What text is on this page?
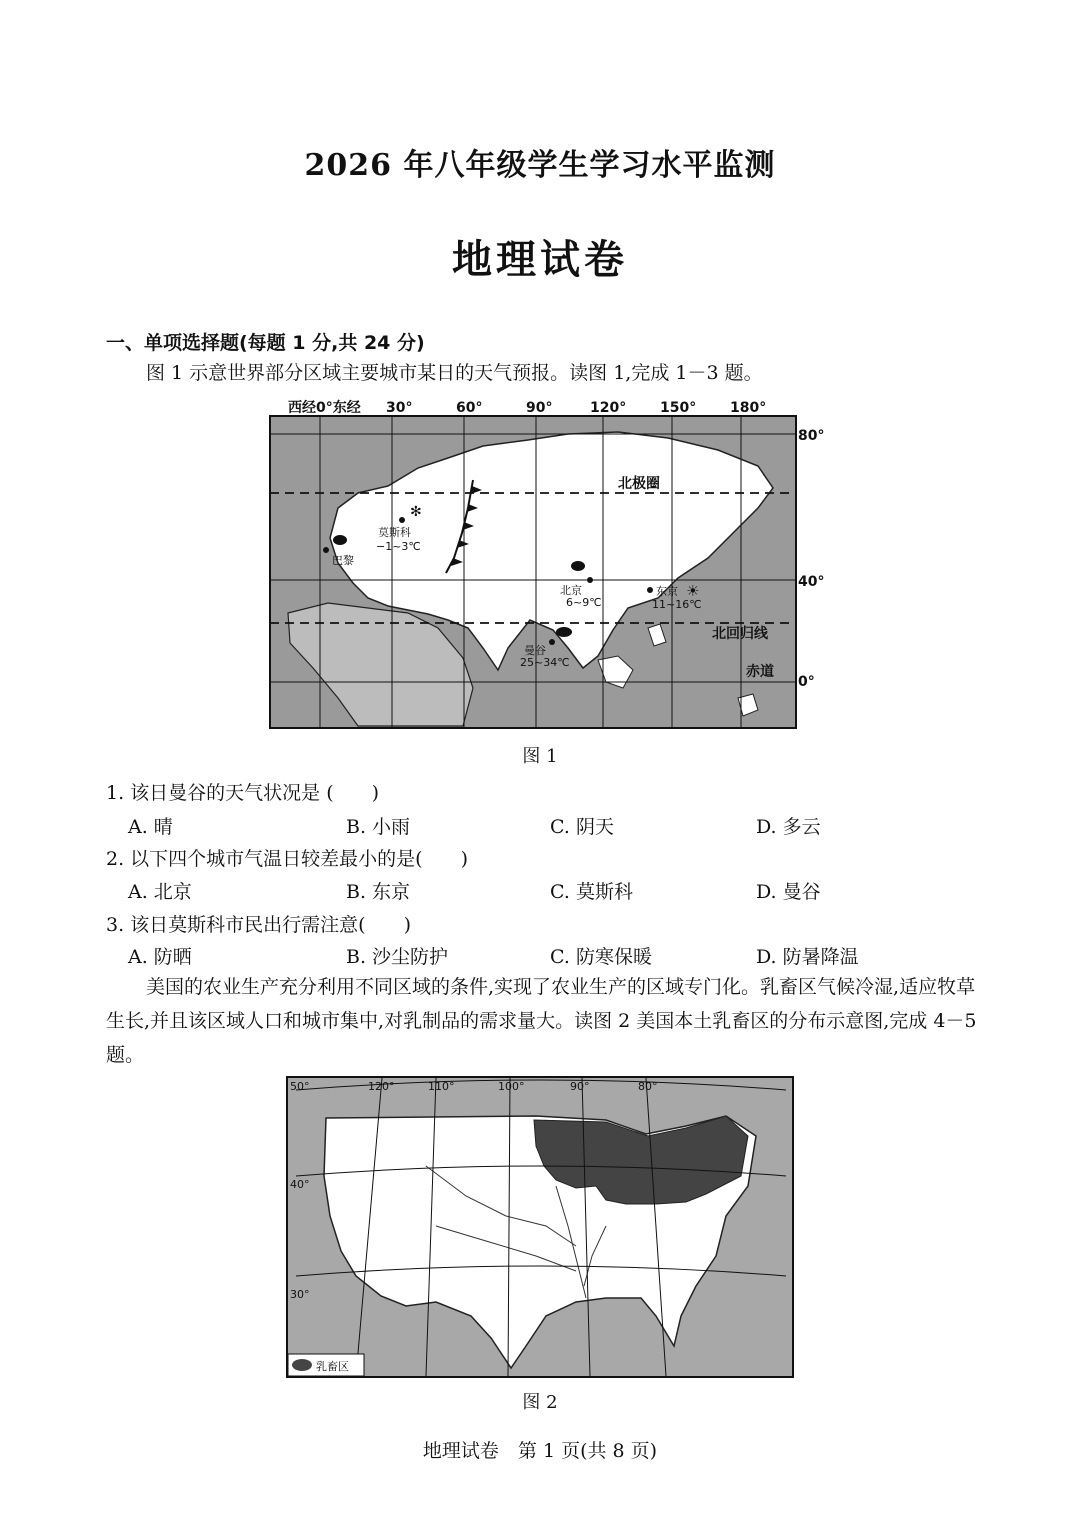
2026 年八年级学生学习水平监测
地理试卷
一、单项选择题(每题 1 分,共 24 分)
图 1 示意世界部分区域主要城市某日的天气预报。读图 1,完成 1－3 题。
西经0°东经 30°	60°	90°	120° 150° 180°
80°
40°
0°
北极圈
北回归线
赤道
✻
莫斯科
−1~3℃
巴黎
北京
6~9℃
☀
东京
11~16℃
曼谷
25~34℃
图 1
1. 该日曼谷的天气状况是 (　　)
A. 晴	B. 小雨	C. 阴天	D. 多云
2. 以下四个城市气温日较差最小的是(　　)
A. 北京	B. 东京	C. 莫斯科	D. 曼谷
3. 该日莫斯科市民出行需注意(　　)
A. 防晒	B. 沙尘防护	C. 防寒保暖	D. 防暑降温
美国的农业生产充分利用不同区域的条件,实现了农业生产的区域专门化。乳畜区气候冷湿,适应牧草生长,并且该区域人口和城市集中,对乳制品的需求量大。读图 2 美国本土乳畜区的分布示意图,完成 4－5 题。
120°	110°	100°	90°	80°
50°
40°
30°
乳畜区
图 2
地理试卷　第 1 页(共 8 页)
